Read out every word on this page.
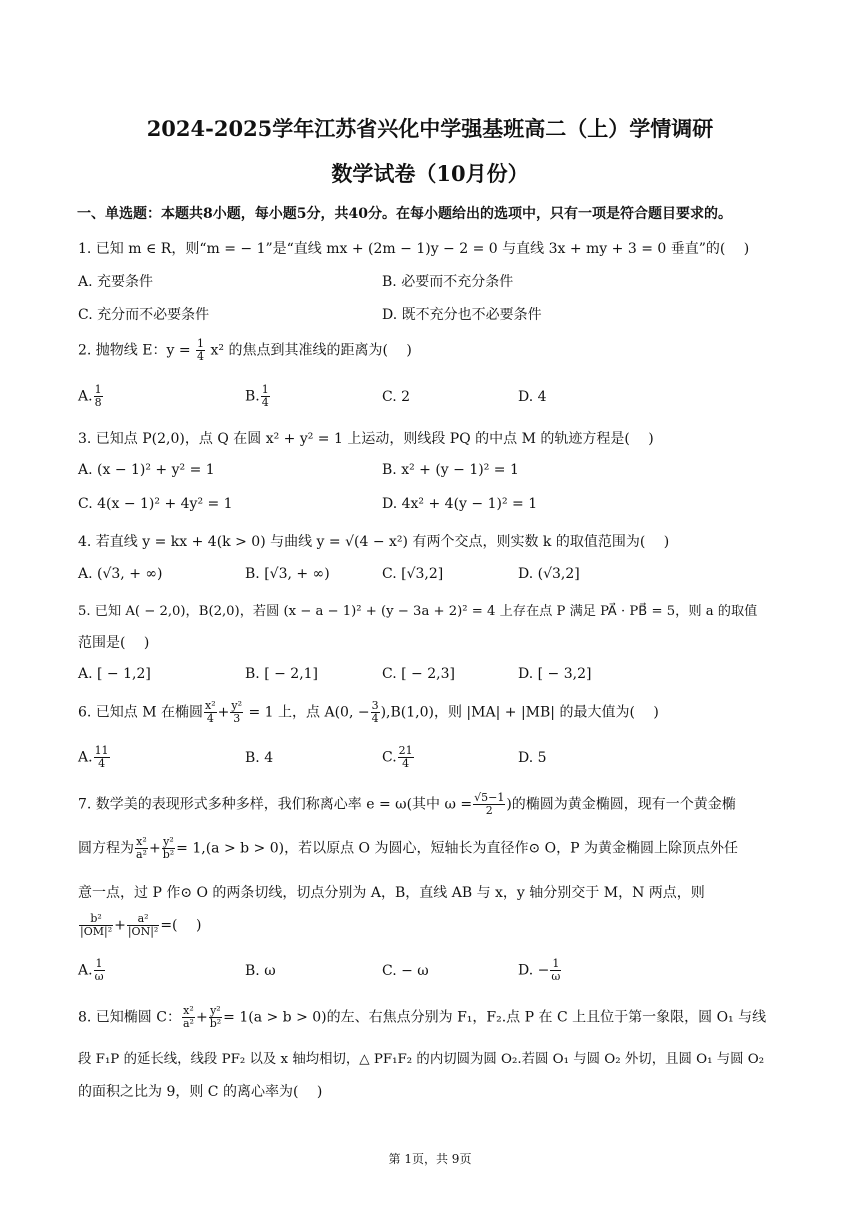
2024-2025学年江苏省兴化中学强基班高二（上）学情调研
数学试卷（10月份）
一、单选题：本题共8小题，每小题5分，共40分。在每小题给出的选项中，只有一项是符合题目要求的。
1. 已知 m ∈ R，则“m = − 1”是“直线 mx + (2m − 1)y − 2 = 0 与直线 3x + my + 3 = 0 垂直”的(　 )
A. 充要条件	B. 必要而不充分条件
C. 充分而不必要条件	D. 既不充分也不必要条件
2. 抛物线 E：$y = \frac{1}{4} x^2$ 的焦点到其准线的距离为(　 )
A. $\frac{1}{8}$	B. $\frac{1}{4}$	C. 2	D. 4
3. 已知点 P(2,0)，点 Q 在圆 x² + y² = 1 上运动，则线段 PQ 的中点 M 的轨迹方程是(　 )
A. (x − 1)² + y² = 1	B. x² + (y − 1)² = 1
C. 4(x − 1)² + 4y² = 1	D. 4x² + 4(y − 1)² = 1
4. 若直线 y = kx + 4(k > 0) 与曲线 y = √(4 − x²) 有两个交点，则实数 k 的取值范围为(　 )
A. (√3, + ∞)	B. [√3, + ∞)	C. [√3,2]	D. (√3,2]
5. 已知 A( − 2,0)，B(2,0)，若圆 (x − a − 1)² + (y − 3a + 2)² = 4 上存在点 P 满足 PA⃗ · PB⃗ = 5，则 a 的取值
范围是(　 )
A. [ − 1,2]	B. [ − 2,1]	C. [ − 2,3]	D. [ − 3,2]
6. 已知点 M 在椭圆 $\frac{\text{x²}}{4} + \frac{\text{y²}}{3} = 1$ 上，点 A(0, − $\frac{3}{4} ),B(1,0)$，则 |MA| + |MB| 的最大值为(　 )
A. $\frac{11}{4}$	B. 4	C. $\frac{21}{4}$	D. 5
7. 数学美的表现形式多种多样，我们称离心率 e = ω(其中 $\omega = \frac{√5-1}{2}$ )的椭圆为黄金椭圆，现有一个黄金椭
圆方程为 $\frac{\text{x²}}{\text{a²}} + \frac{\text{y²}}{\text{b²}} = 1,(a > b > 0)$，若以原点 O 为圆心，短轴长为直径作⊙ O，P 为黄金椭圆上除顶点外任
意一点，过 P 作⊙ O 的两条切线，切点分别为 A，B，直线 AB 与 x，y 轴分别交于 M，N 两点，则
$\frac{\text{b²}}{\text{|OM|²}} + \frac{\text{a²}}{\text{|ON|²}}$ =(　 )
A. $\frac{1}{\omega}$	B. ω	C. − ω	D. − $\frac{1}{\omega}$
8. 已知椭圆 C： $\frac{\text{x²}}{\text{a²}} + \frac{\text{y²}}{\text{b²}} = 1(a > b > 0)$的左、右焦点分别为 F₁，F₂.点 P 在 C 上且位于第一象限，圆 O₁ 与线
段 F₁P 的延长线，线段 PF₂ 以及 x 轴均相切，△ PF₁F₂ 的内切圆为圆 O₂.若圆 O₁ 与圆 O₂ 外切，且圆 O₁ 与圆 O₂
的面积之比为 9，则 C 的离心率为(　 )
第 1页，共 9页
